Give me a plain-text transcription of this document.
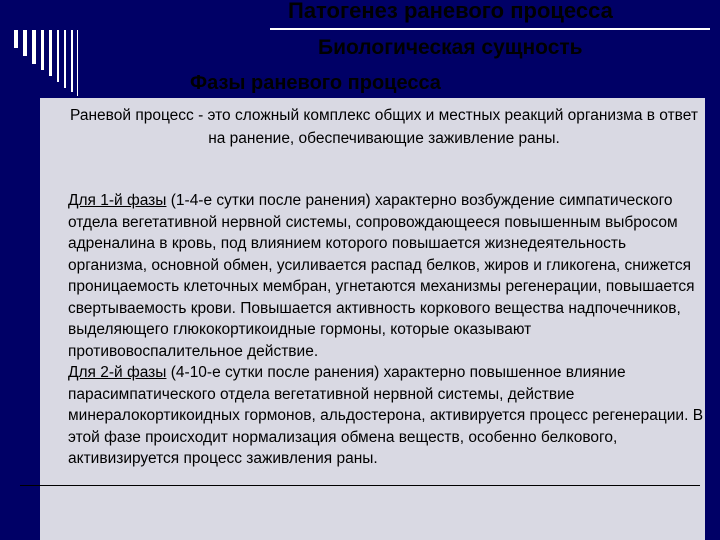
Патогенез раневого процесса
Биологическая сущность
Фазы раневого процесса

Раневой процесс - это сложный комплекс общих и местных реакций организма в ответ на ранение, обеспечивающие заживление раны.

Для 1-й фазы (1-4-е сутки после ранения) характерно возбуждение симпатического отдела вегетативной нервной системы, сопровождающееся повышенным выбросом адреналина в кровь, под влиянием которого повышается жизнедеятельность организма, основной обмен, усиливается распад белков, жиров и гликогена, снижется проницаемость клеточных мембран, угнетаются механизмы регенерации, повышается свертываемость крови. Повышается активность коркового вещества надпочечников, выделяющего глюкокортикоидные гормоны, которые оказывают противовоспалительное действие.
Для 2-й фазы (4-10-е сутки после ранения) характерно повышенное влияние парасимпатического отдела вегетативной нервной системы, действие минералокортикоидных гормонов, альдостерона, активируется процесс регенерации. В этой фазе происходит нормализация обмена веществ, особенно белкового, активизируется процесс заживления раны.
